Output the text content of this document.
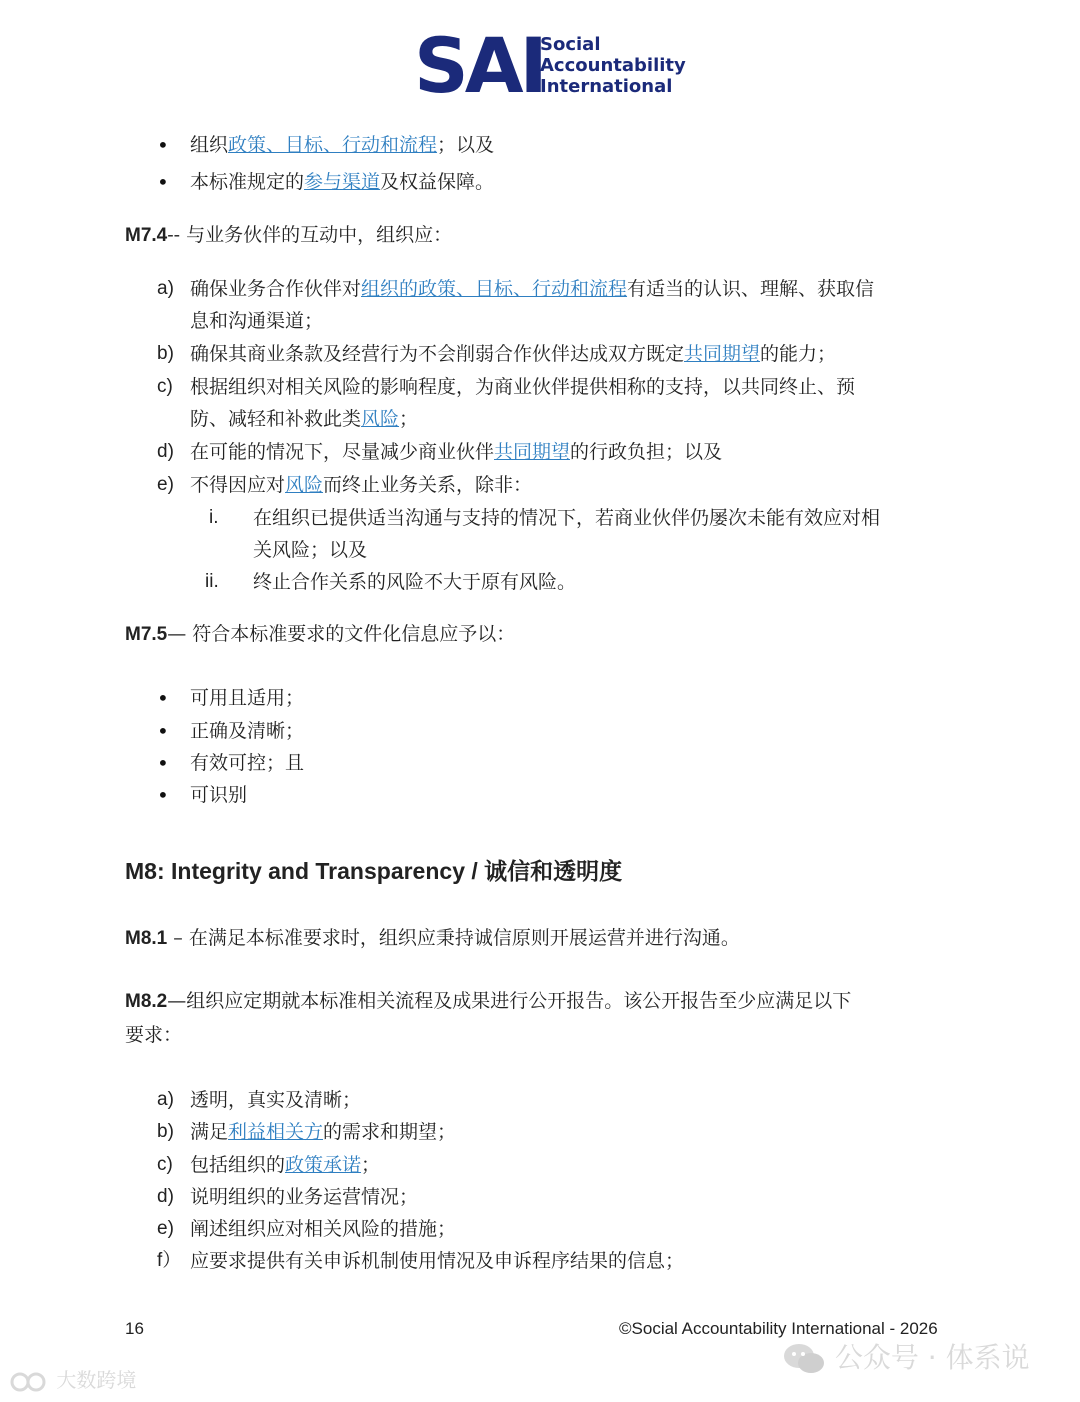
SAI
Social
Accountability
International
• 组织政策、目标、行动和流程；以及
• 本标准规定的参与渠道及权益保障。
M7.4-- 与业务伙伴的互动中，组织应：
a) 确保业务合作伙伴对组织的政策、目标、行动和流程有适当的认识、理解、获取信
息和沟通渠道；
b) 确保其商业条款及经营行为不会削弱合作伙伴达成双方既定共同期望的能力；
c) 根据组织对相关风险的影响程度，为商业伙伴提供相称的支持，以共同终止、预
防、减轻和补救此类风险；
d) 在可能的情况下，尽量减少商业伙伴共同期望的行政负担；以及
e) 不得因应对风险而终止业务关系，除非：
i. 在组织已提供适当沟通与支持的情况下，若商业伙伴仍屡次未能有效应对相
关风险；以及
ii. 终止合作关系的风险不大于原有风险。
M7.5— 符合本标准要求的文件化信息应予以：
• 可用且适用；
• 正确及清晰；
• 有效可控；且
• 可识别
M8: Integrity and Transparency / 诚信和透明度
M8.1 – 在满足本标准要求时，组织应秉持诚信原则开展运营并进行沟通。
M8.2—组织应定期就本标准相关流程及成果进行公开报告。该公开报告至少应满足以下
要求：
a) 透明，真实及清晰；
b) 满足利益相关方的需求和期望；
c) 包括组织的政策承诺；
d) 说明组织的业务运营情况；
e) 阐述组织应对相关风险的措施；
f） 应要求提供有关申诉机制使用情况及申诉程序结果的信息；
16	©Social Accountability International - 2026
大数跨境
公众号 · 体系说
